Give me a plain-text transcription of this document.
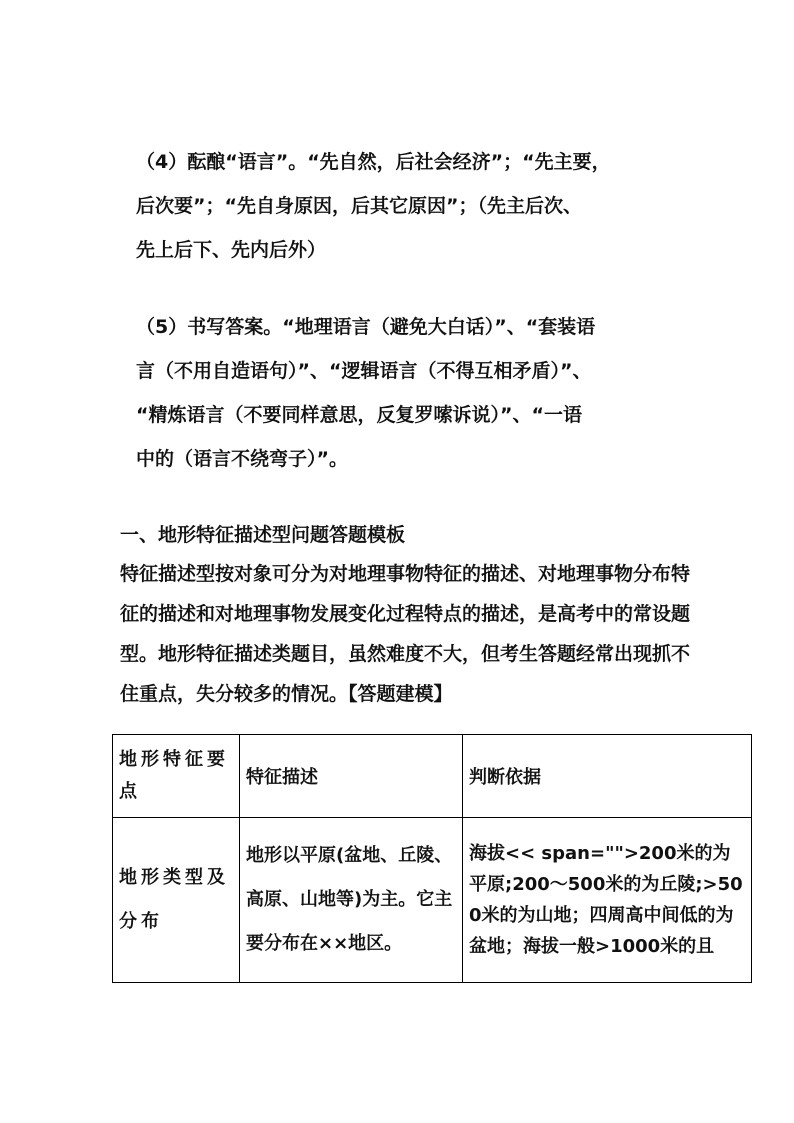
（4）酝酿“语言”。“先自然，后社会经济”；“先主要，
后次要”；“先自身原因，后其它原因”；（先主后次、
先上后下、先内后外）
（5）书写答案。“地理语言（避免大白话）”、“套装语
言（不用自造语句）”、“逻辑语言（不得互相矛盾）”、
“精炼语言（不要同样意思，反复罗嗦诉说）”、“一语
中的（语言不绕弯子）”。
一、地形特征描述型问题答题模板
特征描述型按对象可分为对地理事物特征的描述、对地理事物分布特
征的描述和对地理事物发展变化过程特点的描述，是高考中的常设题
型。地形特征描述类题目，虽然难度不大，但考生答题经常出现抓不
住重点，失分较多的情况。【答题建模】
地形特征要点	特征描述	判断依据
地形类型及分布	地形以平原(盆地、丘陵、高原、山地等)为主。它主要分布在××地区。	海拔<< span="">200米的为平原;200～500米的为丘陵;>500米的为山地；四周高中间低的为盆地；海拔一般>1000米的且
